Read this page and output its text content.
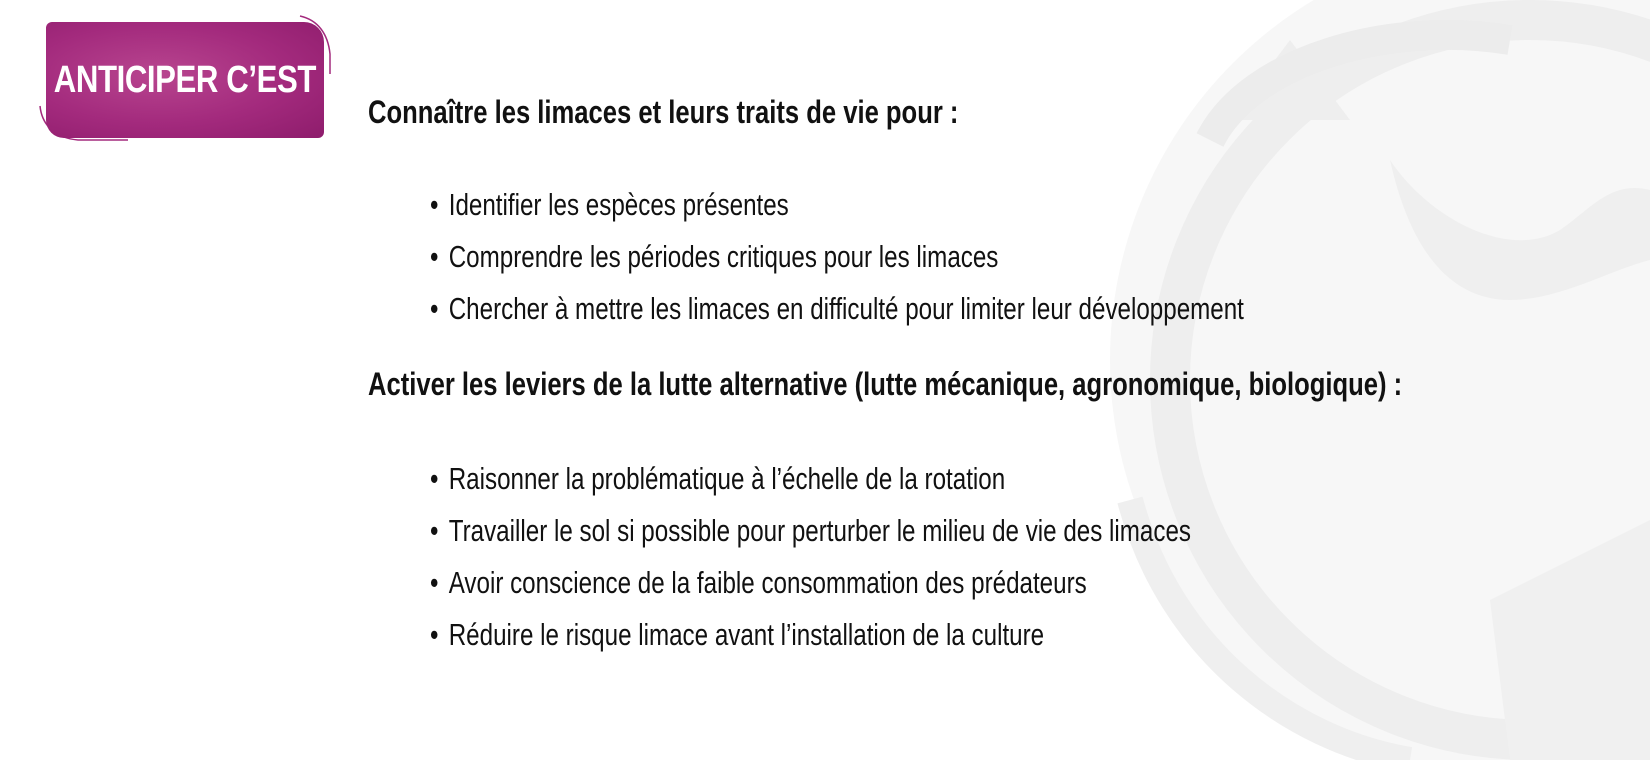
ANTICIPER C’EST
Connaître les limaces et leurs traits de vie pour :
• Identifier les espèces présentes
• Comprendre les périodes critiques pour les limaces
• Chercher à mettre les limaces en difficulté pour limiter leur développement
Activer les leviers de la lutte alternative (lutte mécanique, agronomique, biologique) :
• Raisonner la problématique à l’échelle de la rotation
• Travailler le sol si possible pour perturber le milieu de vie des limaces
• Avoir conscience de la faible consommation des prédateurs
• Réduire le risque limace avant l’installation de la culture
